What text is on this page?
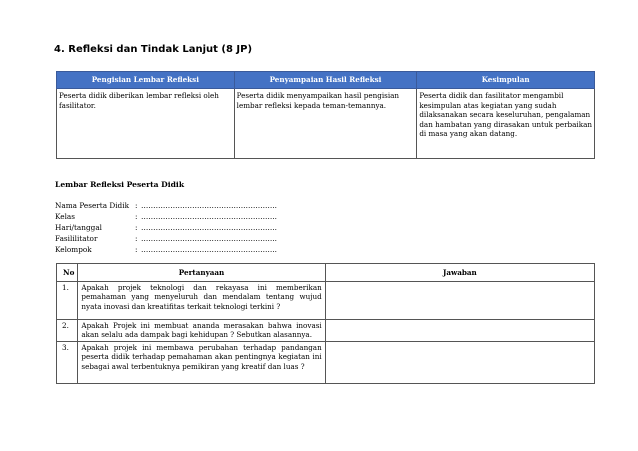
4. Refleksi dan Tindak Lanjut (8 JP)
Pengisian Lembar Refleksi	Penyampaian Hasil Refleksi	Kesimpulan
Peserta didik diberikan lembar refleksi oleh fasilitator.	Peserta didik menyampaikan hasil pengisian lembar refleksi kepada teman-temannya.	Peserta didik dan fasilitator mengambil kesimpulan atas kegiatan yang sudah dilaksanakan secara keseluruhan, pengalaman dan hambatan yang dirasakan untuk perbaikan di masa yang akan datang.
Lembar Refleksi Peserta Didik
Nama Peserta Didik : ………………………………………………..
Kelas	: ………………………………………………..
Hari/tanggal	: ………………………………………………..
Fasililitator	: ………………………………………………..
Kelompok	: ………………………………………………..
No	Pertanyaan	Jawaban
1.	Apakah projek teknologi dan rekayasa ini memberikan pemahaman yang menyeluruh dan mendalam tentang wujud nyata inovasi dan kreatifitas terkait teknologi terkini ?	
2.	Apakah Projek ini membuat ananda merasakan bahwa inovasi akan selalu ada dampak bagi kehidupan ? Sebutkan alasannya.	
3.	Apakah projek ini membawa perubahan terhadap pandangan peserta didik terhadap pemahaman akan pentingnya kegiatan ini sebagai awal terbentuknya pemikiran yang kreatif dan luas ?	
